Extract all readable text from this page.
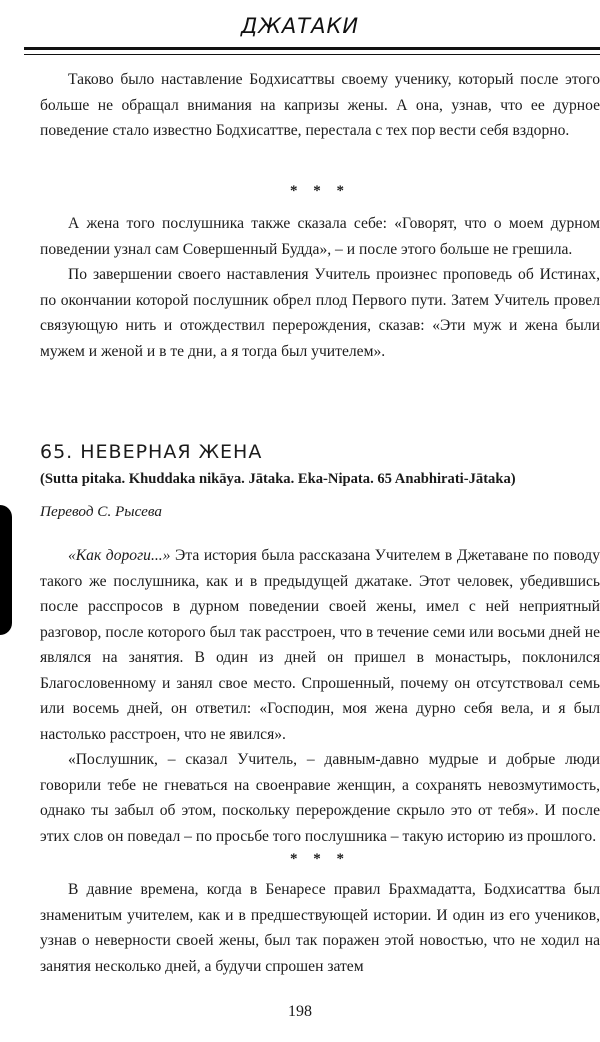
ДЖАТАКИ

Таково было наставление Бодхисаттвы своему ученику, который после этого больше не обращал внимания на капризы жены. А она, узнав, что ее дурное поведение стало известно Бодхисаттве, перестала с тех пор вести себя вздорно.

* * *

А жена того послушника также сказала себе: «Говорят, что о моем дурном поведении узнал сам Совершенный Будда», – и после этого больше не грешила.

По завершении своего наставления Учитель произнес проповедь об Истинах, по окончании которой послушник обрел плод Первого пути. Затем Учитель провел связующую нить и отождествил перерождения, сказав: «Эти муж и жена были мужем и женой и в те дни, а я тогда был учителем».

65. НЕВЕРНАЯ ЖЕНА
(Sutta pitaka. Khuddaka nikāya. Jātaka. Eka-Nipata. 65 Anabhirati-Jātaka)
Перевод С. Рысева

«Как дороги...» Эта история была рассказана Учителем в Джетаване по поводу такого же послушника, как и в предыдущей джатаке. Этот человек, убедившись после расспросов в дурном поведении своей жены, имел с ней неприятный разговор, после которого был так расстроен, что в течение семи или восьми дней не являлся на занятия. В один из дней он пришел в монастырь, поклонился Благословенному и занял свое место. Спрошенный, почему он отсутствовал семь или восемь дней, он ответил: «Господин, моя жена дурно себя вела, и я был настолько расстроен, что не явился».

«Послушник, – сказал Учитель, – давным-давно мудрые и добрые люди говорили тебе не гневаться на своенравие женщин, а сохранять невозмутимость, однако ты забыл об этом, поскольку перерождение скрыло это от тебя». И после этих слов он поведал – по просьбе того послушника – такую историю из прошлого.

* * *

В давние времена, когда в Бенаресе правил Брахмадатта, Бодхисаттва был знаменитым учителем, как и в предшествующей истории. И один из его учеников, узнав о неверности своей жены, был так поражен этой новостью, что не ходил на занятия несколько дней, а будучи спрошен затем

198
